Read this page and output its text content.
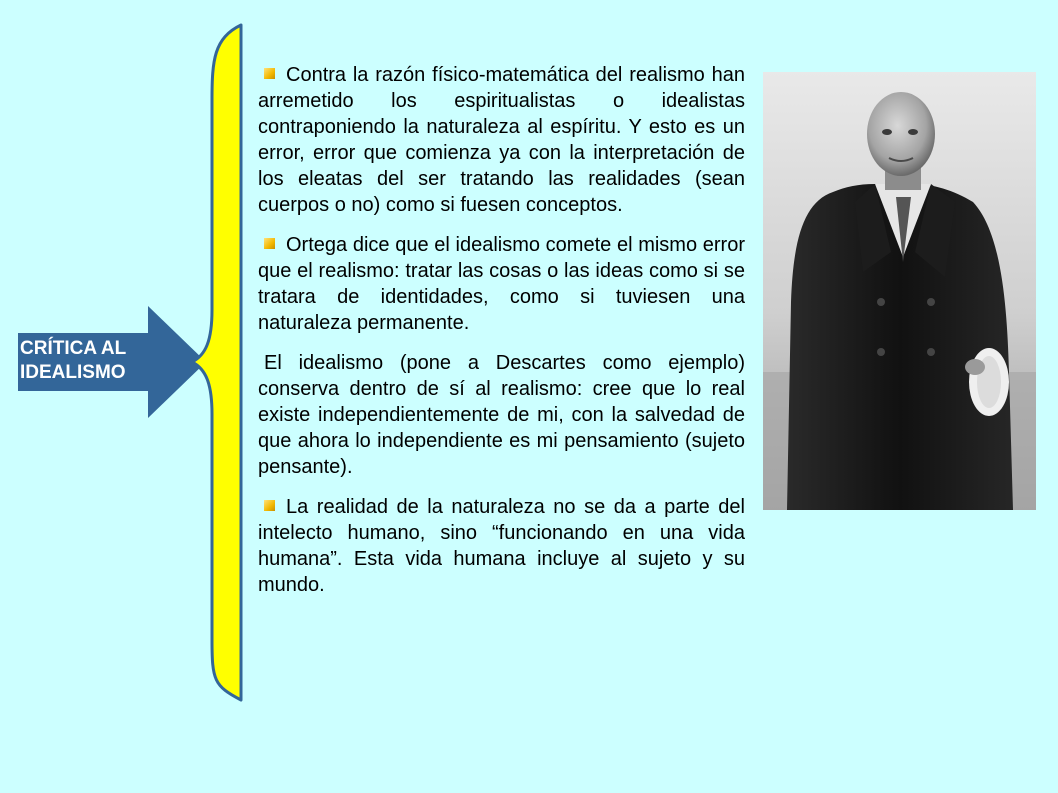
CRÍTICA AL
IDEALISMO

Contra la razón físico-matemática del realismo han arremetido los espiritualistas o idealistas contraponiendo la naturaleza al espíritu. Y esto es un error, error que comienza ya con la interpretación de los eleatas del ser tratando las realidades (sean cuerpos o no) como si fuesen conceptos.

Ortega dice que el idealismo comete el mismo error que el realismo: tratar las cosas o las ideas como si se tratara de identidades, como si tuviesen una naturaleza permanente.

El idealismo (pone a Descartes como ejemplo) conserva dentro de sí al realismo: cree que lo real existe independientemente de mi, con la salvedad de que ahora lo independiente es mi pensamiento (sujeto pensante).

La realidad de la naturaleza no se da a parte del intelecto humano, sino “funcionando en una vida humana”. Esta vida humana incluye al sujeto y su mundo.
